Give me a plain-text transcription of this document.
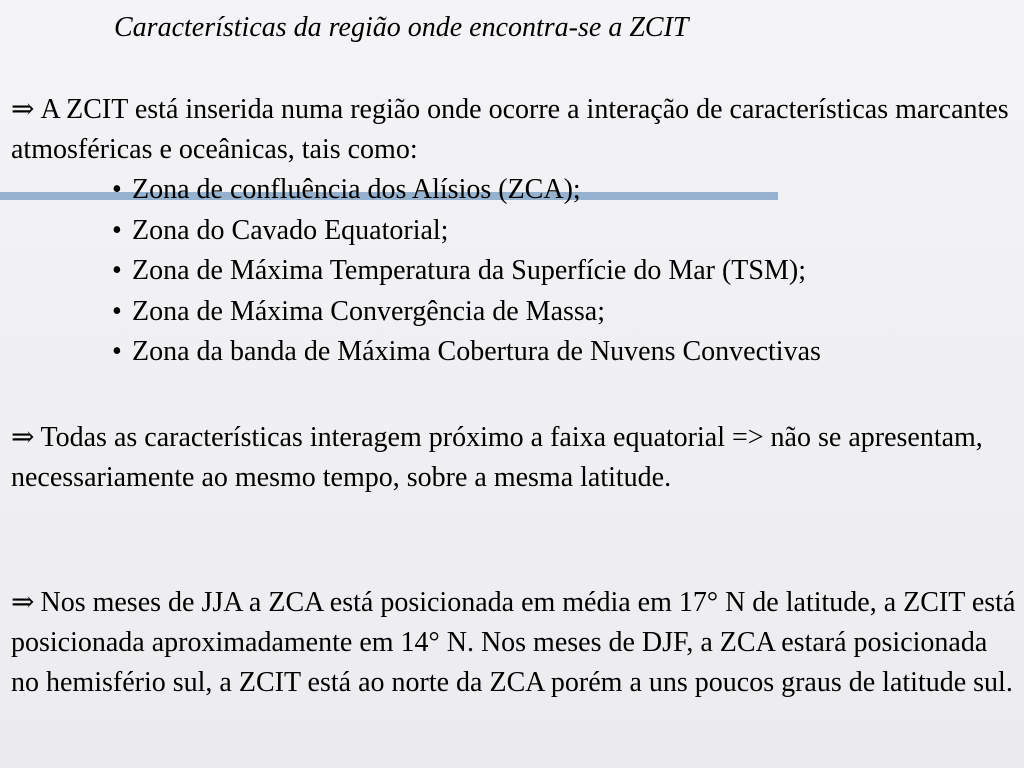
Características da região onde encontra-se a ZCIT
⇒ A ZCIT está inserida numa região onde ocorre a interação de características marcantes atmosféricas e oceânicas, tais como:
• Zona de confluência dos Alísios (ZCA);
• Zona do Cavado Equatorial;
• Zona de Máxima Temperatura da Superfície do Mar (TSM);
• Zona de Máxima Convergência de Massa;
• Zona da banda de Máxima Cobertura de Nuvens Convectivas
⇒ Todas as características interagem próximo a faixa equatorial => não se apresentam, necessariamente ao mesmo tempo, sobre a mesma latitude.
⇒ Nos meses de JJA a ZCA está posicionada em média em 17° N de latitude, a ZCIT está posicionada aproximadamente em 14° N. Nos meses de DJF, a ZCA estará posicionada no hemisfério sul, a ZCIT está ao norte da ZCA porém a uns poucos graus de latitude sul.
